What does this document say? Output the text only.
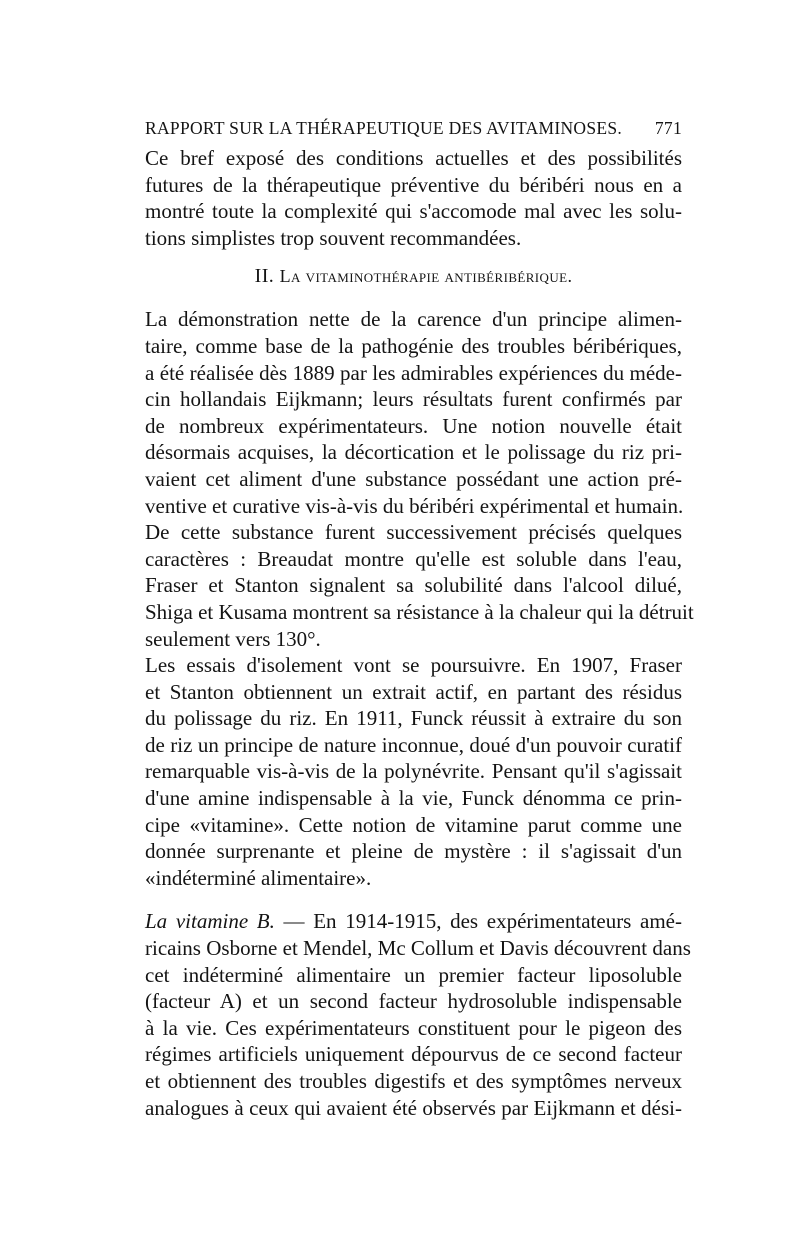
RAPPORT SUR LA THÉRAPEUTIQUE DES AVITAMINOSES. 771

Ce bref exposé des conditions actuelles et des possibilités
futures de la thérapeutique préventive du béribéri nous en a
montré toute la complexité qui s'accomode mal avec les solu-
tions simplistes trop souvent recommandées.

II. La vitaminothérapie antibéribérique.

La démonstration nette de la carence d'un principe alimen-
taire, comme base de la pathogénie des troubles béribériques,
a été réalisée dès 1889 par les admirables expériences du méde-
cin hollandais Eijkmann; leurs résultats furent confirmés par
de nombreux expérimentateurs. Une notion nouvelle était
désormais acquises, la décortication et le polissage du riz pri-
vaient cet aliment d'une substance possédant une action pré-
ventive et curative vis-à-vis du béribéri expérimental et humain.

De cette substance furent successivement précisés quelques
caractères : Breaudat montre qu'elle est soluble dans l'eau,
Fraser et Stanton signalent sa solubilité dans l'alcool dilué,
Shiga et Kusama montrent sa résistance à la chaleur qui la détruit
seulement vers 130°.

Les essais d'isolement vont se poursuivre. En 1907, Fraser
et Stanton obtiennent un extrait actif, en partant des résidus
du polissage du riz. En 1911, Funck réussit à extraire du son
de riz un principe de nature inconnue, doué d'un pouvoir curatif
remarquable vis-à-vis de la polynévrite. Pensant qu'il s'agissait
d'une amine indispensable à la vie, Funck dénomma ce prin-
cipe «vitamine». Cette notion de vitamine parut comme une
donnée surprenante et pleine de mystère : il s'agissait d'un
«indéterminé alimentaire».

La vitamine B. — En 1914-1915, des expérimentateurs amé-
ricains Osborne et Mendel, Mc Collum et Davis découvrent dans
cet indéterminé alimentaire un premier facteur liposoluble
(facteur A) et un second facteur hydrosoluble indispensable
à la vie. Ces expérimentateurs constituent pour le pigeon des
régimes artificiels uniquement dépourvus de ce second facteur
et obtiennent des troubles digestifs et des symptômes nerveux
analogues à ceux qui avaient été observés par Eijkmann et dési-
